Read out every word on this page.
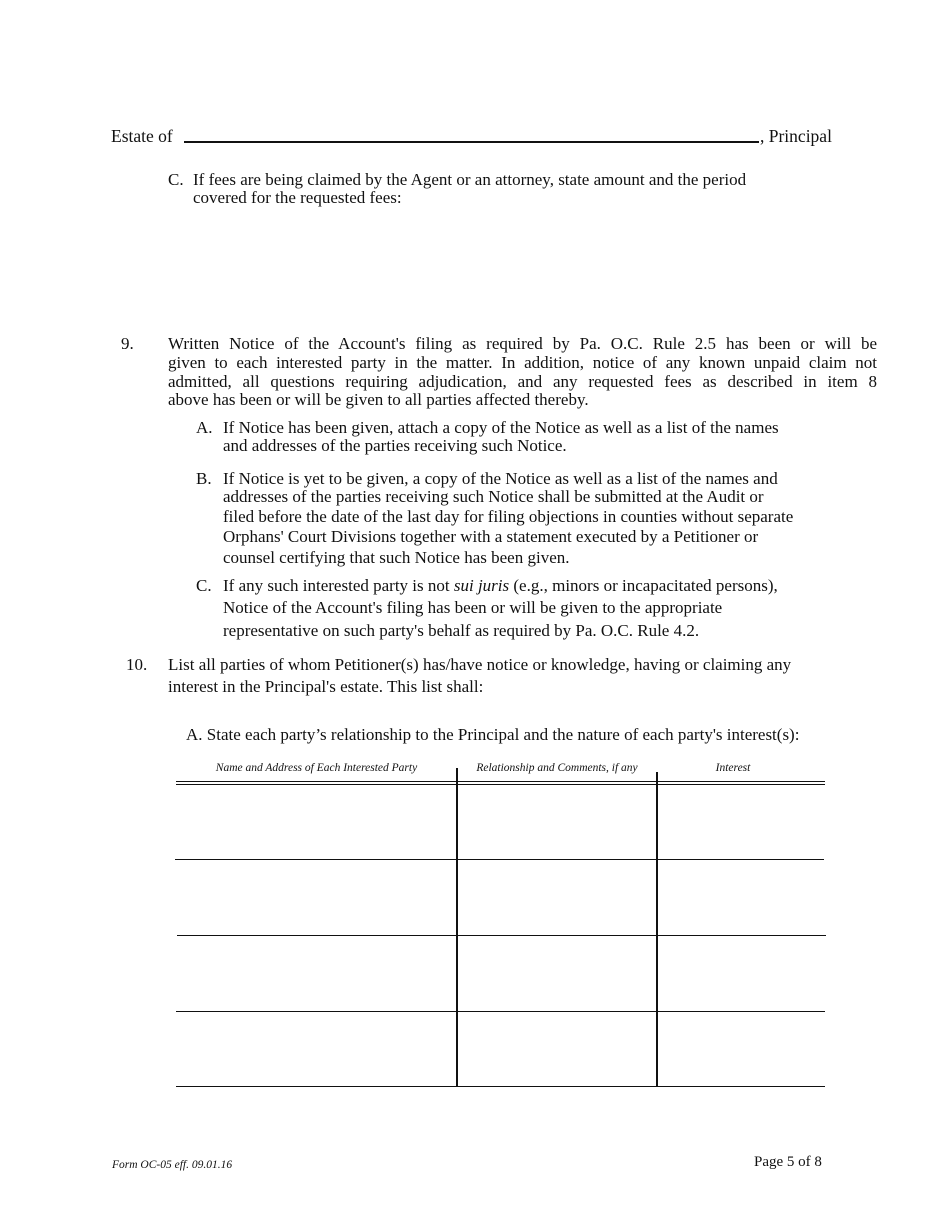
Estate of	, Principal
C. If fees are being claimed by the Agent or an attorney, state amount and the period
covered for the requested fees:
9. Written Notice of the Account's filing as required by Pa. O.C. Rule 2.5 has been or will be
given to each interested party in the matter. In addition, notice of any known unpaid claim not
admitted, all questions requiring adjudication, and any requested fees as described in item 8
above has been or will be given to all parties affected thereby.
A. If Notice has been given, attach a copy of the Notice as well as a list of the names
and addresses of the parties receiving such Notice.
B. If Notice is yet to be given, a copy of the Notice as well as a list of the names and
addresses of the parties receiving such Notice shall be submitted at the Audit or
filed before the date of the last day for filing objections in counties without separate
Orphans' Court Divisions together with a statement executed by a Petitioner or
counsel certifying that such Notice has been given.
C. If any such interested party is not sui juris (e.g., minors or incapacitated persons),
Notice of the Account's filing has been or will be given to the appropriate
representative on such party's behalf as required by Pa. O.C. Rule 4.2.
10. List all parties of whom Petitioner(s) has/have notice or knowledge, having or claiming any
interest in the Principal's estate. This list shall:
A. State each party’s relationship to the Principal and the nature of each party's interest(s):
Name and Address of Each Interested Party	Relationship and Comments, if any	Interest
Form OC-05 eff. 09.01.16	Page 5 of 8
